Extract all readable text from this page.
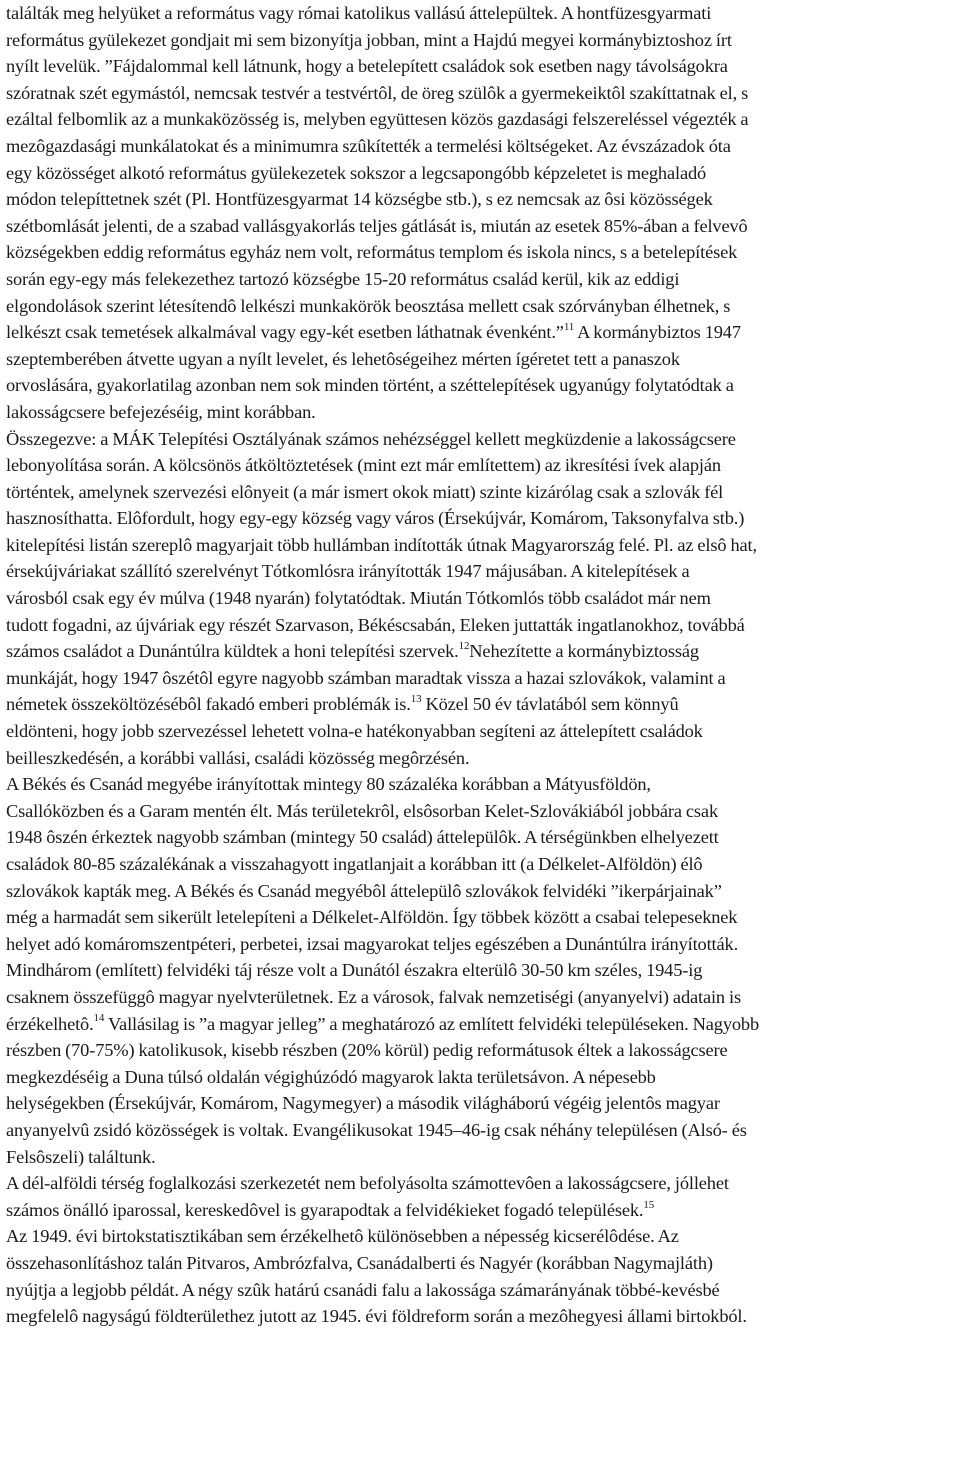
találták meg helyüket a református vagy római katolikus vallású áttelepültek. A hontfüzesgyarmati
református gyülekezet gondjait mi sem bizonyítja jobban, mint a Hajdú megyei kormánybiztoshoz írt
nyílt levelük. ”Fájdalommal kell látnunk, hogy a betelepített családok sok esetben nagy távolságokra
szóratnak szét egymástól, nemcsak testvér a testvértôl, de öreg szülôk a gyermekeiktôl szakíttatnak el, s
ezáltal felbomlik az a munkaközösség is, melyben együttesen közös gazdasági felszereléssel végezték a
mezôgazdasági munkálatokat és a minimumra szûkítették a termelési költségeket. Az évszázadok óta
egy közösséget alkotó református gyülekezetek sokszor a legcsapongóbb képzeletet is meghaladó
módon telepíttetnek szét (Pl. Hontfüzesgyarmat 14 községbe stb.), s ez nemcsak az ôsi közösségek
szétbomlását jelenti, de a szabad vallásgyakorlás teljes gátlását is, miután az esetek 85%-ában a felvevô
községekben eddig református egyház nem volt, református templom és iskola nincs, s a betelepítések
során egy-egy más felekezethez tartozó községbe 15-20 református család kerül, kik az eddigi
elgondolások szerint létesítendô lelkészi munkakörök beosztása mellett csak szórványban élhetnek, s
lelkészt csak temetések alkalmával vagy egy-két esetben láthatnak évenként.”$^{11}$ A kormánybiztos 1947
szeptemberében átvette ugyan a nyílt levelet, és lehetôségeihez mérten ígéretet tett a panaszok
orvoslására, gyakorlatilag azonban nem sok minden történt, a széttelepítések ugyanúgy folytatódtak a
lakosságcsere befejezéséig, mint korábban.
Összegezve: a MÁK Telepítési Osztályának számos nehézséggel kellett megküzdenie a lakosságcsere
lebonyolítása során. A kölcsönös átköltöztetések (mint ezt már említettem) az ikresítési ívek alapján
történtek, amelynek szervezési elônyeit (a már ismert okok miatt) szinte kizárólag csak a szlovák fél
hasznosíthatta. Elôfordult, hogy egy-egy község vagy város (Érsekújvár, Komárom, Taksonyfalva stb.)
kitelepítési listán szereplô magyarjait több hullámban indították útnak Magyarország felé. Pl. az elsô hat,
érsekújváriakat szállító szerelvényt Tótkomlósra irányították 1947 májusában. A kitelepítések a
városból csak egy év múlva (1948 nyarán) folytatódtak. Miután Tótkomlós több családot már nem
tudott fogadni, az újváriak egy részét Szarvason, Békéscsabán, Eleken juttatták ingatlanokhoz, továbbá
számos családot a Dunántúlra küldtek a honi telepítési szervek.$^{12}$Nehezítette a kormánybiztosság
munkáját, hogy 1947 ôszétôl egyre nagyobb számban maradtak vissza a hazai szlovákok, valamint a
németek összeköltözésébôl fakadó emberi problémák is.$^{13}$ Közel 50 év távlatából sem könnyû
eldönteni, hogy jobb szervezéssel lehetett volna-e hatékonyabban segíteni az áttelepített családok
beilleszkedésén, a korábbi vallási, családi közösség megôrzésén.
A Békés és Csanád megyébe irányítottak mintegy 80 százaléka korábban a Mátyusföldön,
Csallóközben és a Garam mentén élt. Más területekrôl, elsôsorban Kelet-Szlovákiából jobbára csak
1948 ôszén érkeztek nagyobb számban (mintegy 50 család) áttelepülôk. A térségünkben elhelyezett
családok 80-85 százalékának a visszahagyott ingatlanjait a korábban itt (a Délkelet-Alföldön) élô
szlovákok kapták meg. A Békés és Csanád megyébôl áttelepülô szlovákok felvidéki ”ikerpárjainak”
még a harmadát sem sikerült letelepíteni a Délkelet-Alföldön. Így többek között a csabai telepeseknek
helyet adó komáromszentpéteri, perbetei, izsai magyarokat teljes egészében a Dunántúlra irányították.
Mindhárom (említett) felvidéki táj része volt a Dunától északra elterülô 30-50 km széles, 1945-ig
csaknem összefüggô magyar nyelvterületnek. Ez a városok, falvak nemzetiségi (anyanyelvi) adatain is
érzékelhetô.$^{14}$ Vallásilag is ”a magyar jelleg” a meghatározó az említett felvidéki településeken. Nagyobb
részben (70-75%) katolikusok, kisebb részben (20% körül) pedig reformátusok éltek a lakosságcsere
megkezdéséig a Duna túlsó oldalán végighúzódó magyarok lakta területsávon. A népesebb
helységekben (Érsekújvár, Komárom, Nagymegyer) a második világháború végéig jelentôs magyar
anyanyelvû zsidó közösségek is voltak. Evangélikusokat 1945–46-ig csak néhány településen (Alsó- és
Felsôszeli) találtunk.
A dél-alföldi térség foglalkozási szerkezetét nem befolyásolta számottevôen a lakosságcsere, jóllehet
számos önálló iparossal, kereskedôvel is gyarapodtak a felvidékieket fogadó települések.$^{15}$
Az 1949. évi birtokstatisztikában sem érzékelhetô különösebben a népesség kicserélôdése. Az
összehasonlításhoz talán Pitvaros, Ambrózfalva, Csanádalberti és Nagyér (korábban Nagymajláth)
nyújtja a legjobb példát. A négy szûk határú csanádi falu a lakossága számarányának többé-kevésbé
megfelelô nagyságú földterülethez jutott az 1945. évi földreform során a mezôhegyesi állami birtokból.
